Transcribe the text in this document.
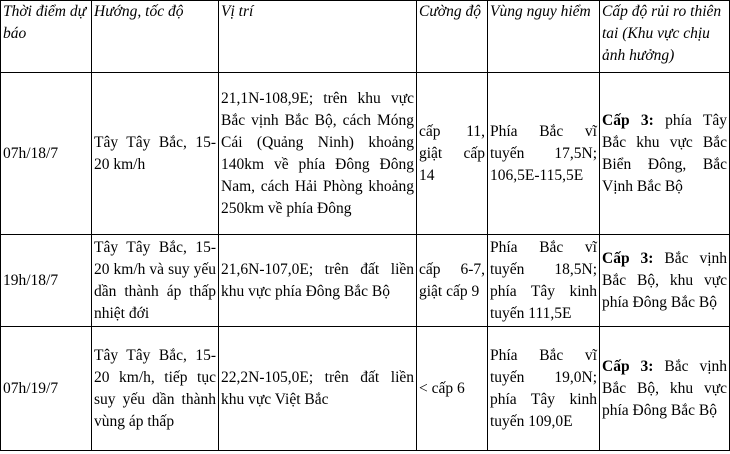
Thời điểm dự báo	Hướng, tốc độ	Vị trí	Cường độ	Vùng nguy hiểm	Cấp độ rủi ro thiên tai (Khu vực chịu ảnh hưởng)
07h/18/7	Tây Tây Bắc, 15-20 km/h	21,1N-108,9E; trên khu vực Bắc vịnh Bắc Bộ, cách Móng Cái (Quảng Ninh) khoảng 140km về phía Đông Đông Nam, cách Hải Phòng khoảng 250km về phía Đông	cấp 11, giật cấp 14	Phía Bắc vĩ tuyến 17,5N; 106,5E-115,5E	Cấp 3: phía Tây Bắc khu vực Bắc Biển Đông, Bắc Vịnh Bắc Bộ
19h/18/7	Tây Tây Bắc, 15-20 km/h và suy yếu dần thành áp thấp nhiệt đới	21,6N-107,0E; trên đất liền khu vực phía Đông Bắc Bộ	cấp 6-7, giật cấp 9	Phía Bắc vĩ tuyến 18,5N; phía Tây kinh tuyến 111,5E	Cấp 3: Bắc vịnh Bắc Bộ, khu vực phía Đông Bắc Bộ
07h/19/7	Tây Tây Bắc, 15-20 km/h, tiếp tục suy yếu dần thành vùng áp thấp	22,2N-105,0E; trên đất liền khu vực Việt Bắc	< cấp 6	Phía Bắc vĩ tuyến 19,0N; phía Tây kinh tuyến 109,0E	Cấp 3: Bắc vịnh Bắc Bộ, khu vực phía Đông Bắc Bộ
